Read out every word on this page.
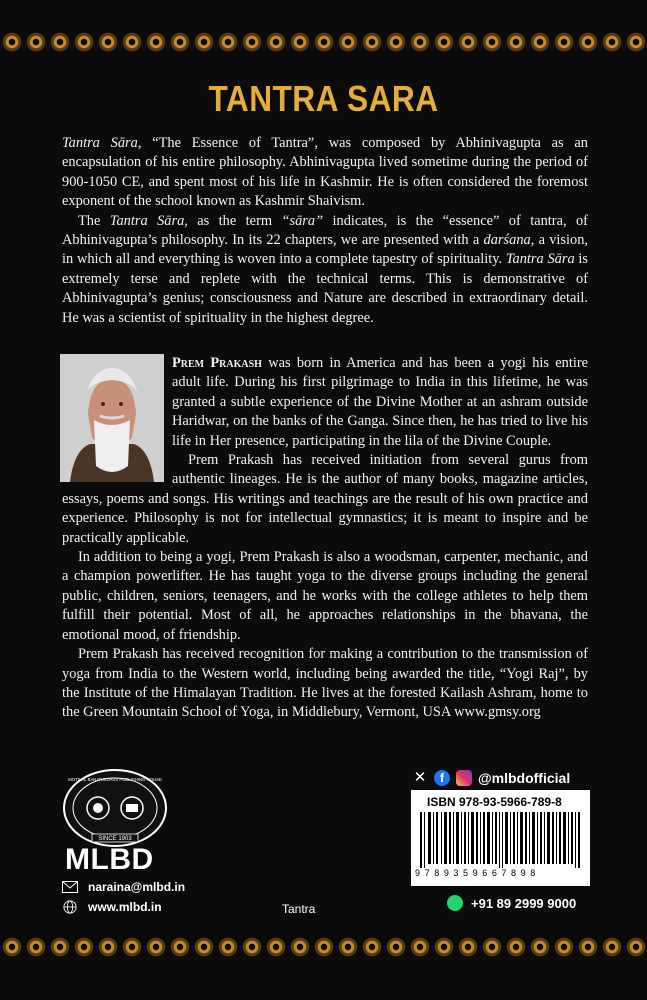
TANTRA SARA

Tantra Sāra, “The Essence of Tantra”, was composed by Abhinivagupta as an encapsulation of his entire philosophy. Abhinivagupta lived sometime during the period of 900-1050 CE, and spent most of his life in Kashmir. He is often considered the foremost exponent of the school known as Kashmir Shaivism.

The Tantra Sāra, as the term “sāra” indicates, is the “essence” of tantra, of Abhinivagupta’s philosophy. In its 22 chapters, we are presented with a darśana, a vision, in which all and everything is woven into a complete tapestry of spirituality. Tantra Sāra is extremely terse and replete with the technical terms. This is demonstrative of Abhinivagupta’s genius; consciousness and Nature are described in extraordinary detail. He was a scientist of spirituality in the highest degree.

Prem Prakash was born in America and has been a yogi his entire adult life. During his first pilgrimage to India in this lifetime, he was granted a subtle experience of the Divine Mother at an ashram outside Haridwar, on the banks of the Ganga. Since then, he has tried to live his life in Her presence, participating in the lila of the Divine Couple.

Prem Prakash has received initiation from several gurus from authentic lineages. He is the author of many books, magazine articles, essays, poems and songs. His writings and teachings are the result of his own practice and experience. Philosophy is not for intellectual gymnastics; it is meant to inspire and be practically applicable.

In addition to being a yogi, Prem Prakash is also a woodsman, carpenter, mechanic, and a champion powerlifter. He has taught yoga to the diverse groups including the general public, children, seniors, teenagers, and he works with the college athletes to help them fulfill their potential. Most of all, he approaches relationships in the bhavana, the emotional mood, of friendship.

Prem Prakash has received recognition for making a contribution to the transmission of yoga from India to the Western world, including being awarded the title, “Yogi Raj”, by the Institute of the Himalayan Tradition. He lives at the forested Kailash Ashram, home to the Green Mountain School of Yoga, in Middlebury, Vermont, USA www.gmsy.org

✕	f	@mlbdofficial
ISBN 978-93-5966-789-8
9789359667898
SINCE 1903
MOTILAL BANARSIDASS PUBLISHING HOUSE
MLBD
naraina@mlbd.in
www.mlbd.in	Tantra	+91 89 2999 9000
